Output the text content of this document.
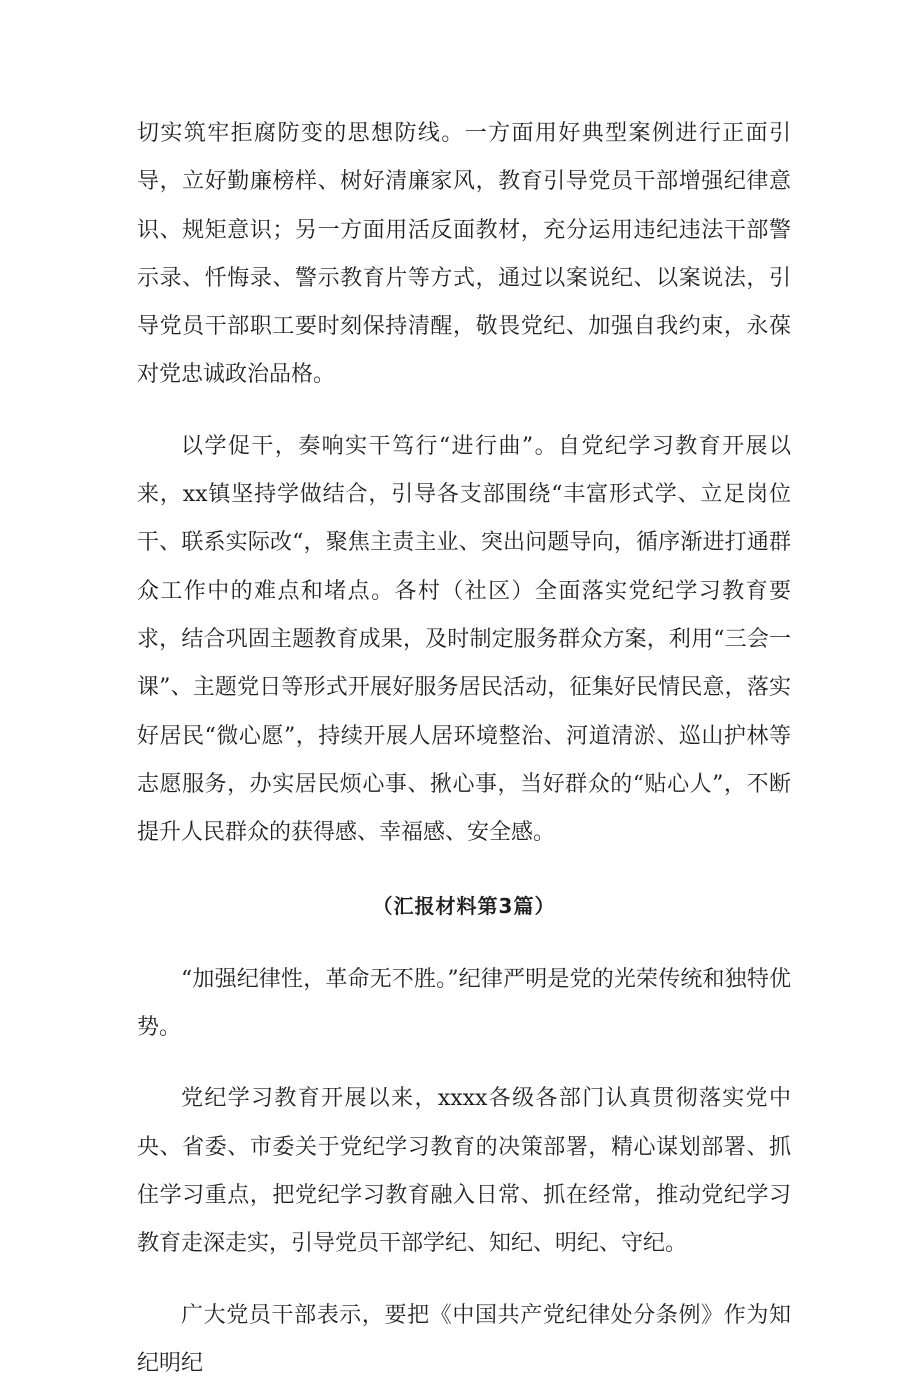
切实筑牢拒腐防变的思想防线。一方面用好典型案例进行正面引导，立好勤廉榜样、树好清廉家风，教育引导党员干部增强纪律意识、规矩意识；另一方面用活反面教材，充分运用违纪违法干部警示录、忏悔录、警示教育片等方式，通过以案说纪、以案说法，引导党员干部职工要时刻保持清醒，敬畏党纪、加强自我约束，永葆对党忠诚政治品格。

以学促干，奏响实干笃行“进行曲”。自党纪学习教育开展以来，xx镇坚持学做结合，引导各支部围绕“丰富形式学、立足岗位干、联系实际改“，聚焦主责主业、突出问题导向，循序渐进打通群众工作中的难点和堵点。各村（社区）全面落实党纪学习教育要求，结合巩固主题教育成果，及时制定服务群众方案，利用“三会一课”、主题党日等形式开展好服务居民活动，征集好民情民意，落实好居民“微心愿”，持续开展人居环境整治、河道清淤、巡山护林等志愿服务，办实居民烦心事、揪心事，当好群众的“贴心人”，不断提升人民群众的获得感、幸福感、安全感。

（汇报材料第3篇）

“加强纪律性，革命无不胜。”纪律严明是党的光荣传统和独特优势。

党纪学习教育开展以来，xxxx各级各部门认真贯彻落实党中央、省委、市委关于党纪学习教育的决策部署，精心谋划部署、抓住学习重点，把党纪学习教育融入日常、抓在经常，推动党纪学习教育走深走实，引导党员干部学纪、知纪、明纪、守纪。

广大党员干部表示，要把《中国共产党纪律处分条例》作为知纪明纪
